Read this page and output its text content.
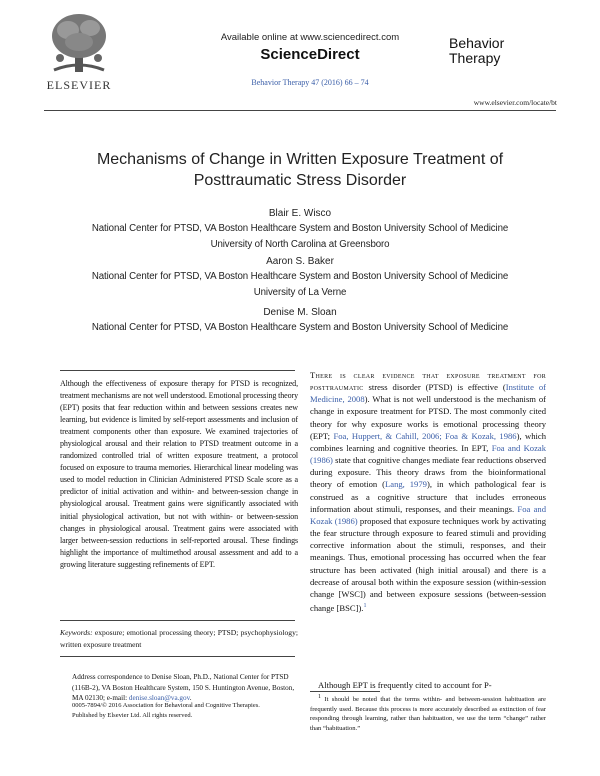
ELSEVIER
Available online at www.sciencedirect.com
ScienceDirect
Behavior Therapy 47 (2016) 66 – 74
Behavior
Therapy
www.elsevier.com/locate/bt
Mechanisms of Change in Written Exposure Treatment of
Posttraumatic Stress Disorder
Blair E. Wisco
National Center for PTSD, VA Boston Healthcare System and Boston University School of Medicine
University of North Carolina at Greensboro
Aaron S. Baker
National Center for PTSD, VA Boston Healthcare System and Boston University School of Medicine
University of La Verne
Denise M. Sloan
National Center for PTSD, VA Boston Healthcare System and Boston University School of Medicine
Although the effectiveness of exposure therapy for PTSD is recognized, treatment mechanisms are not well understood. Emotional processing theory (EPT) posits that fear reduction within and between sessions creates new learning, but evidence is limited by self-report assessments and inclusion of treatment components other than exposure. We examined trajectories of physiological arousal and their relation to PTSD treatment outcome in a randomized controlled trial of written exposure treatment, a protocol focused on exposure to trauma memories. Hierarchical linear modeling was used to model reduction in Clinician Administered PTSD Scale score as a predictor of initial activation and within- and between-session change in physiological arousal. Treatment gains were significantly associated with initial physiological activation, but not with within- or between-session changes in physiological arousal. Treatment gains were associated with larger between-session reductions in self-reported arousal. These findings highlight the importance of multimethod arousal assessment and add to a growing literature suggesting refinements of EPT.
Keywords: exposure; emotional processing theory; PTSD; psychophysiology; written exposure treatment
Address correspondence to Denise Sloan, Ph.D., National Center for PTSD (116B-2), VA Boston Healthcare System, 150 S. Huntington Avenue, Boston, MA 02130; e-mail: denise.sloan@va.gov.
0005-7894/© 2016 Association for Behavioral and Cognitive Therapies.
Published by Elsevier Ltd. All rights reserved.
There is clear evidence that exposure treatment for posttraumatic stress disorder (PTSD) is effective (Institute of Medicine, 2008). What is not well understood is the mechanism of change in exposure treatment for PTSD. The most commonly cited theory for why exposure works is emotional processing theory (EPT; Foa, Huppert, & Cahill, 2006; Foa & Kozak, 1986), which combines learning and cognitive theories. In EPT, Foa and Kozak (1986) state that cognitive changes mediate fear reductions observed during exposure. This theory draws from the bioinformational theory of emotion (Lang, 1979), in which pathological fear is construed as a cognitive structure that includes erroneous information about stimuli, responses, and their meanings. Foa and Kozak (1986) proposed that exposure techniques work by activating the fear structure through exposure to feared stimuli and providing corrective information about the stimuli, responses, and their meanings. Thus, emotional processing has occurred when the fear structure has been activated (high initial arousal) and there is a decrease of arousal both within the exposure session (within-session change [WSC]) and between exposure sessions (between-session change [BSC]).$^1$
Although EPT is frequently cited to account for P-
$^1$ It should be noted that the terms within- and between-session habituation are frequently used. Because this process is more accurately described as extinction of fear responding through learning, rather than habituation, we use the term “change” rather than “habituation.”
